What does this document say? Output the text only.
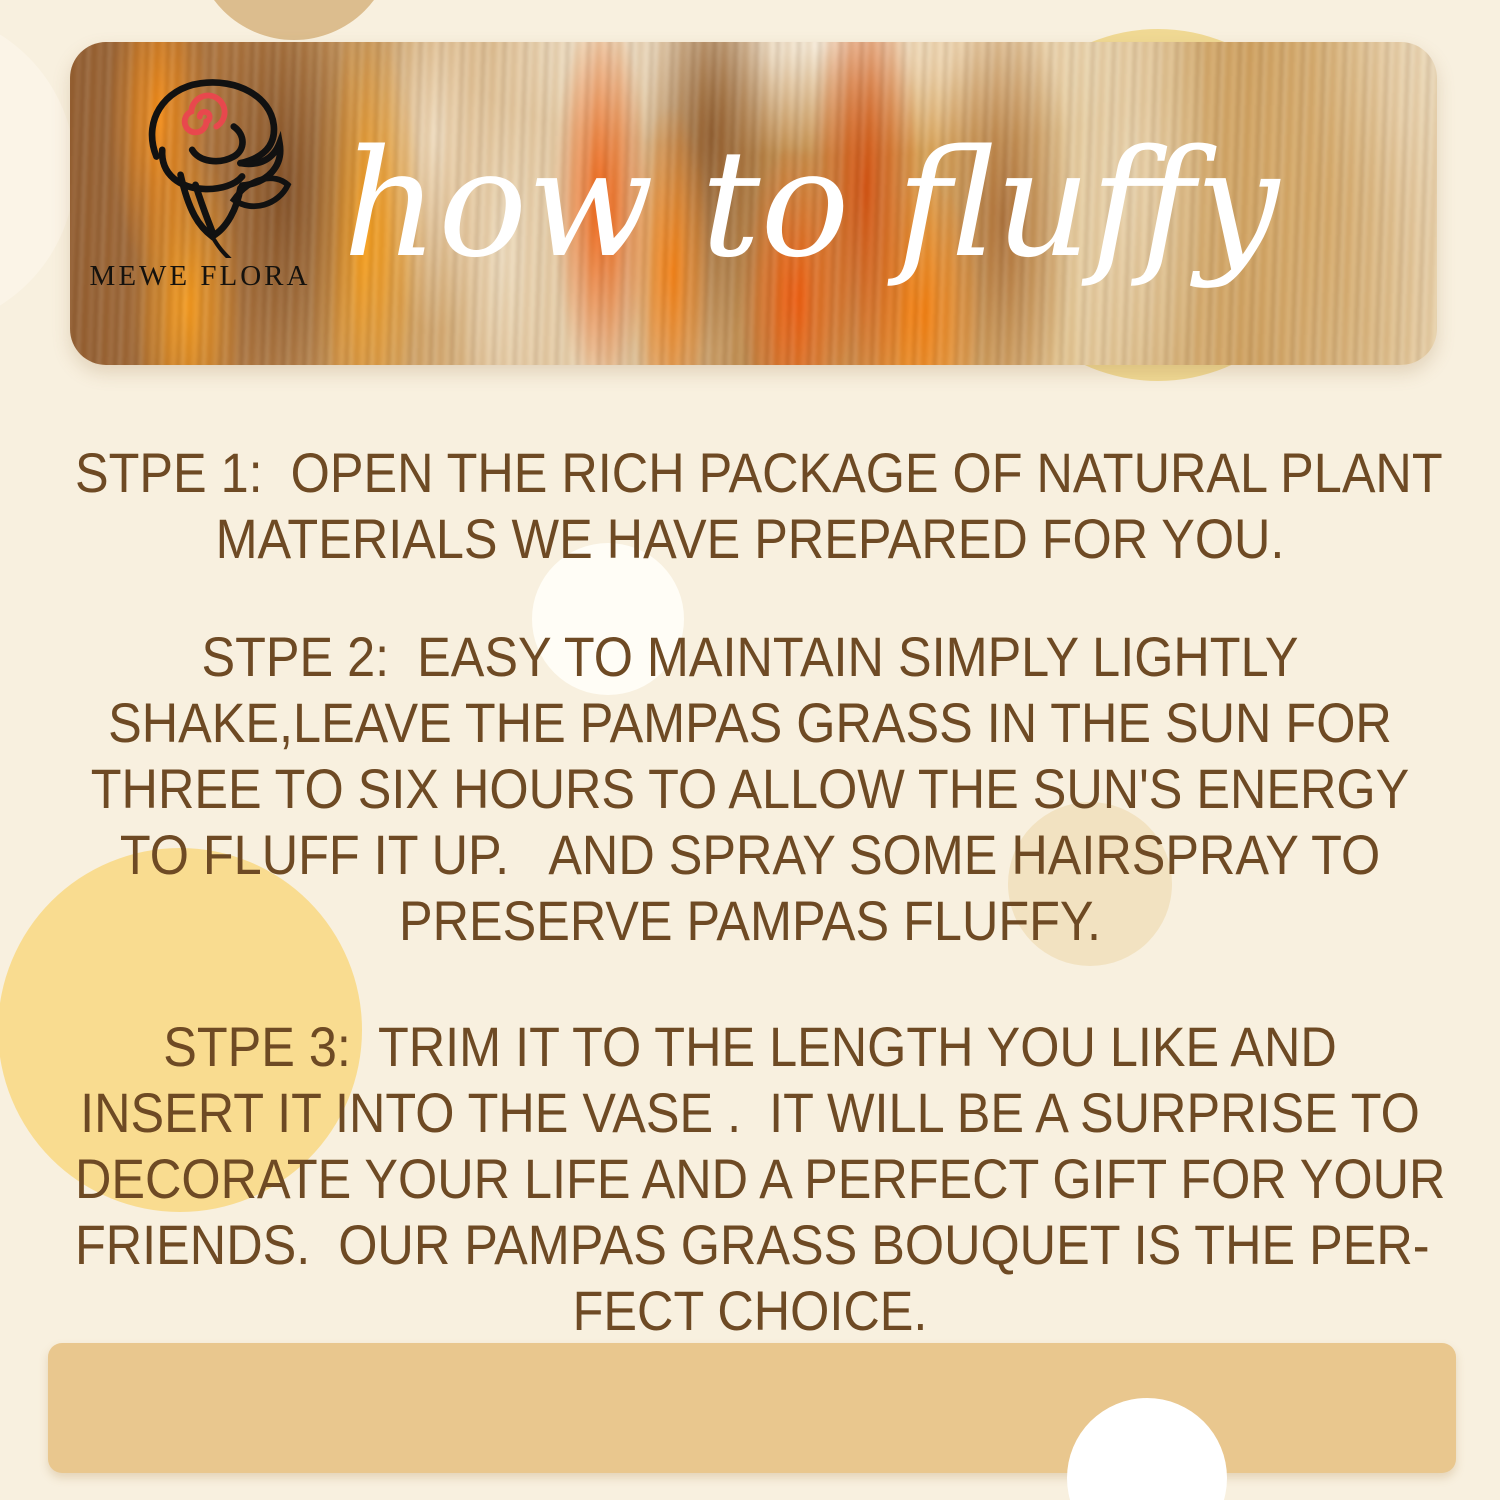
MEWE FLORA how to fluffy
STPE 1:  OPEN THE RICH PACKAGE OF NATURAL PLANT
MATERIALS WE HAVE PREPARED FOR YOU.
STPE 2:  EASY TO MAINTAIN SIMPLY LIGHTLY
SHAKE,LEAVE THE PAMPAS GRASS IN THE SUN FOR
THREE TO SIX HOURS TO ALLOW THE SUN'S ENERGY
TO FLUFF IT UP.   AND SPRAY SOME HAIRSPRAY TO
PRESERVE PAMPAS FLUFFY.
STPE 3:  TRIM IT TO THE LENGTH YOU LIKE AND
INSERT IT INTO THE VASE .  IT WILL BE A SURPRISE TO
DECORATE YOUR LIFE AND A PERFECT GIFT FOR YOUR
FRIENDS.  OUR PAMPAS GRASS BOUQUET IS THE PER-
FECT CHOICE.
